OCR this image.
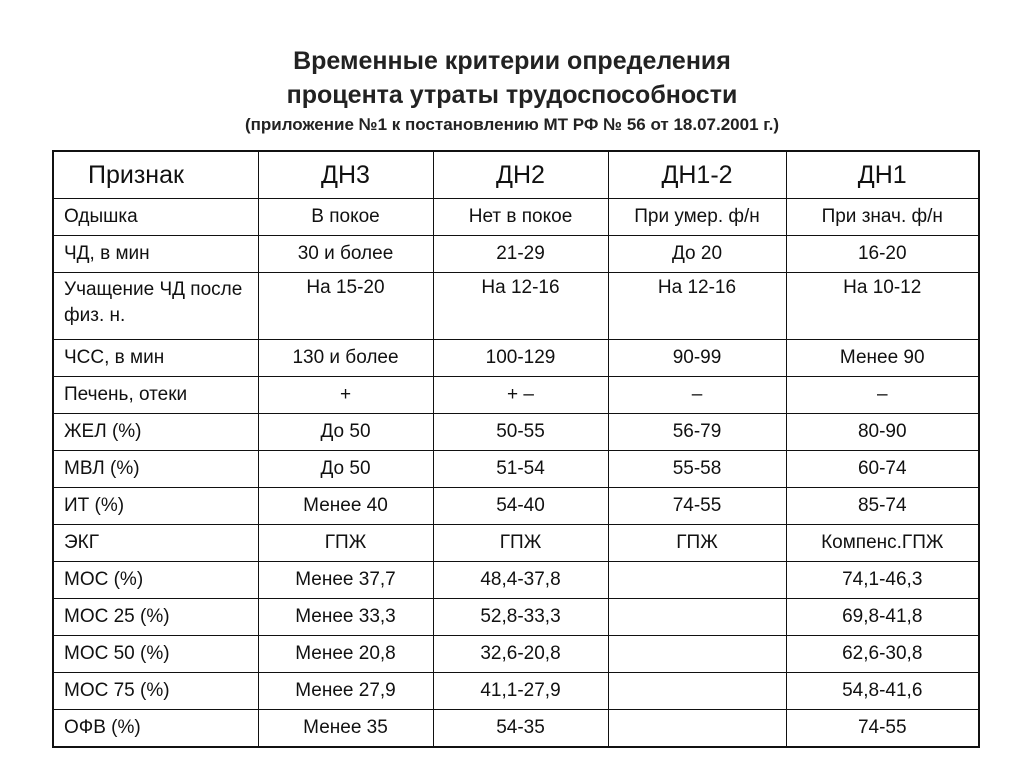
Временные критерии определения
процента утраты трудоспособности
(приложение №1 к постановлению МТ РФ № 56 от 18.07.2001 г.)
Признак	ДН3	ДН2	ДН1-2	ДН1
Одышка	В покое	Нет в покое	При умер. ф/н	При знач. ф/н
ЧД, в мин	30 и более	21-29	До 20	16-20
Учащение ЧД после физ. н.	На 15-20	На 12-16	На 12-16	На 10-12
ЧСС, в мин	130 и более	100-129	90-99	Менее 90
Печень, отеки	+	+ –	–	–
ЖЕЛ (%)	До 50	50-55	56-79	80-90
МВЛ (%)	До 50	51-54	55-58	60-74
ИТ (%)	Менее 40	54-40	74-55	85-74
ЭКГ	ГПЖ	ГПЖ	ГПЖ	Компенс.ГПЖ
МОС (%)	Менее 37,7	48,4-37,8		74,1-46,3
МОС 25 (%)	Менее 33,3	52,8-33,3		69,8-41,8
МОС 50 (%)	Менее 20,8	32,6-20,8		62,6-30,8
МОС 75 (%)	Менее 27,9	41,1-27,9		54,8-41,6
ОФВ (%)	Менее 35	54-35		74-55
